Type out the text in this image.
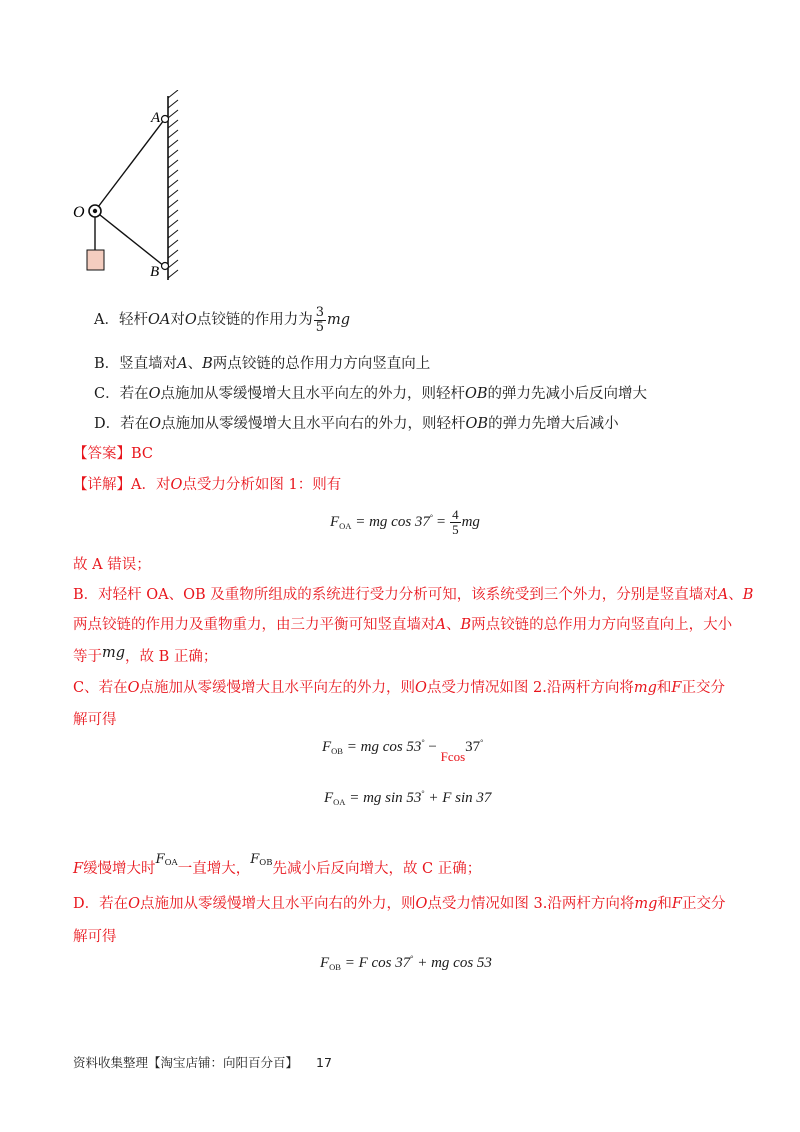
A
O
B
A．轻杆OA对O点铰链的作用力为 $\frac{3}{5}$ mg
B．竖直墙对A、B两点铰链的总作用力方向竖直向上
C．若在O点施加从零缓慢增大且水平向左的外力，则轻杆OB的弹力先减小后反向增大
D．若在O点施加从零缓慢增大且水平向右的外力，则轻杆OB的弹力先增大后减小
【答案】BC
【详解】A．对O点受力分析如图 1：则有
$F_{OA}$ = mg $\cos 37^\circ = \frac{4}{5}$ mg
故 A 错误；
B．对轻杆 OA、OB 及重物所组成的系统进行受力分析可知，该系统受到三个外力，分别是竖直墙对A、B
两点铰链的作用力及重物重力，由三力平衡可知竖直墙对A、B两点铰链的总作用力方向竖直向上，大小
等于mg，故 B 正确；
C、若在O点施加从零缓慢增大且水平向左的外力，则O点受力情况如图 2.沿两杆方向将mg和F正交分
解可得
$F_{OB}$ = mg cos 53° − Fcos37°
$F_{OA}$ = mg sin 53° + F sin 37
F缓慢增大时$F^{OA}$一直增大，$F^{OB}$先减小后反向增大，故 C 正确；
D．若在O点施加从零缓慢增大且水平向右的外力，则O点受力情况如图 3.沿两杆方向将mg和F正交分
解可得
$F_{OB} = F$ cos 37° + mg cos 53
资料收集整理【淘宝店铺：向阳百分百】 17
